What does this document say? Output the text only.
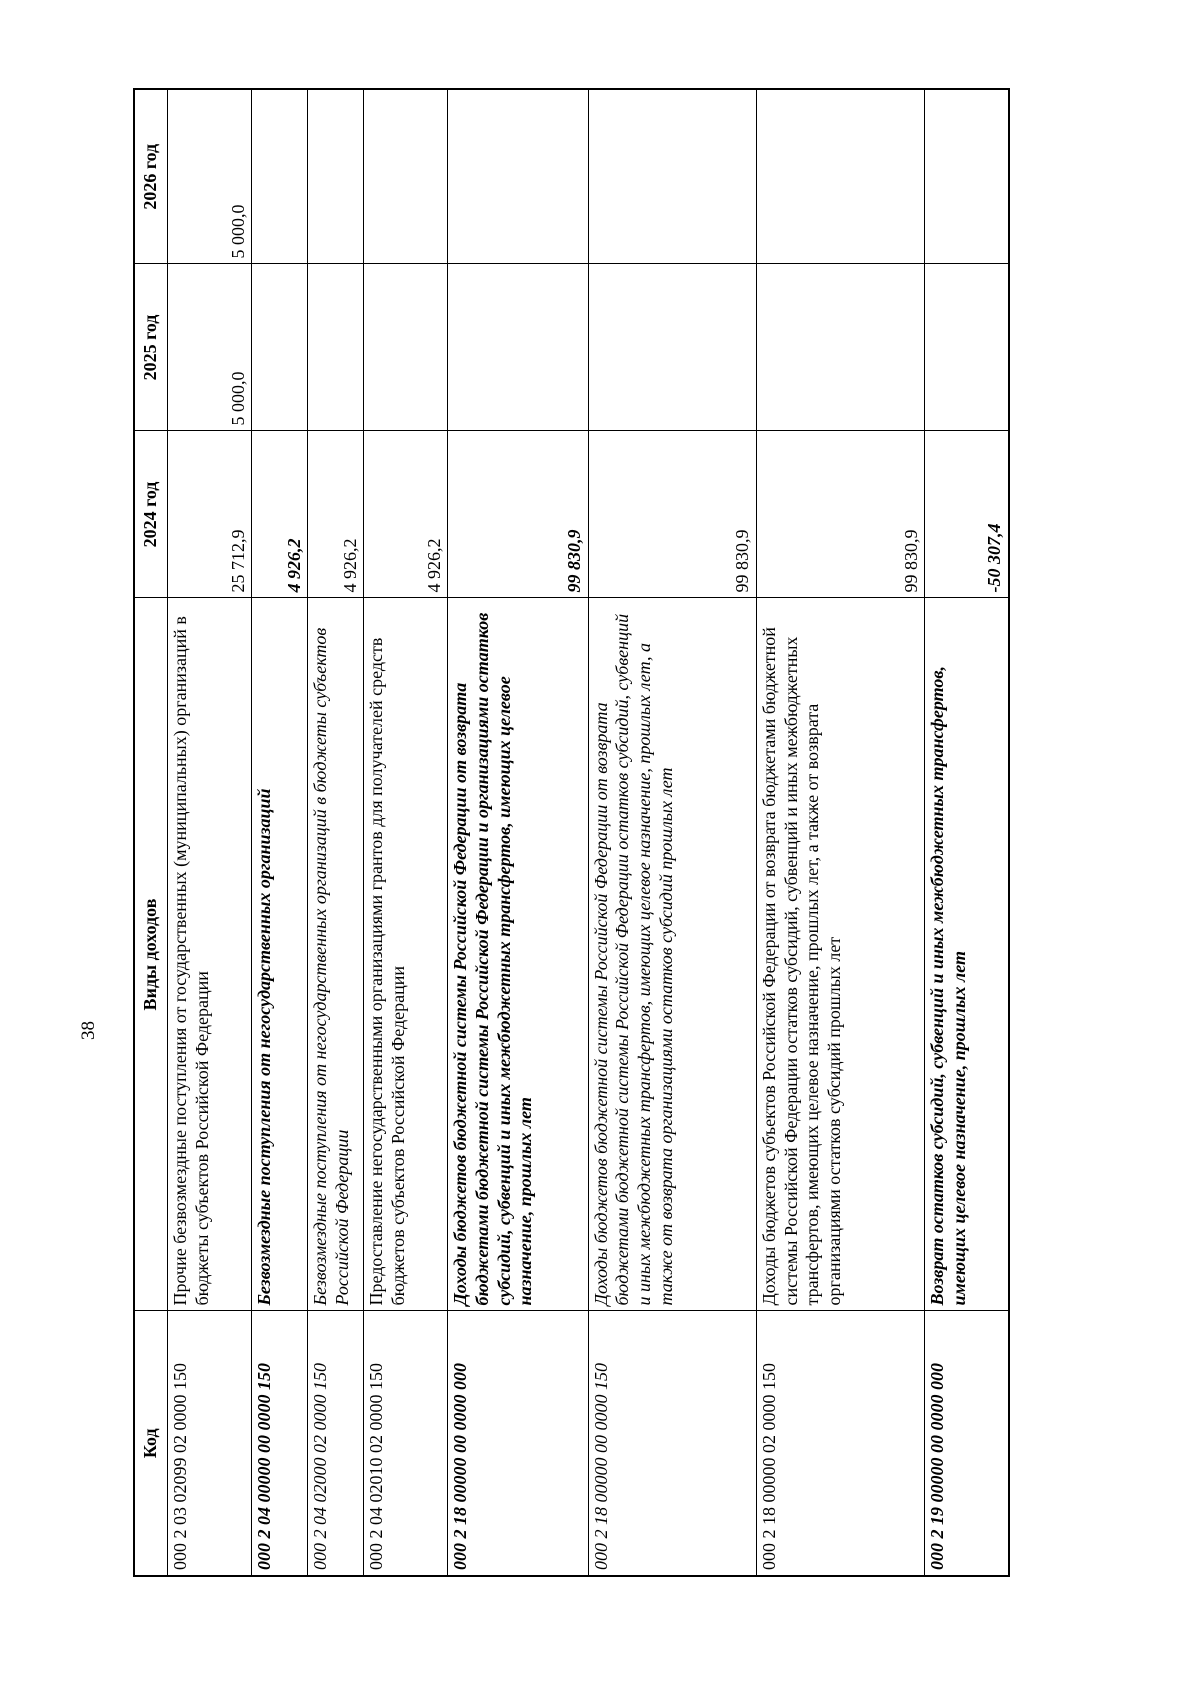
38
Код	Виды доходов	2024 год	2025 год	2026 год
000 2 03 02099 02 0000 150	Прочие безвозмездные поступления от государственных (муниципальных) организаций в бюджеты субъектов Российской Федерации	25 712,9	5 000,0	5 000,0
000 2 04 00000 00 0000 150	Безвозмездные поступления от негосударственных организаций	4 926,2		
000 2 04 02000 02 0000 150	Безвозмездные поступления от негосударственных организаций в бюджеты субъектов Российской Федерации	4 926,2		
000 2 04 02010 02 0000 150	Предоставление негосударственными организациями грантов для получателей средств бюджетов субъектов Российской Федерации	4 926,2		
000 2 18 00000 00 0000 000	Доходы бюджетов бюджетной системы Российской Федерации от возврата бюджетами бюджетной системы Российской Федерации и организациями остатков субсидий, субвенций и иных межбюджетных трансфертов, имеющих целевое назначение, прошлых лет	99 830,9		
000 2 18 00000 00 0000 150	Доходы бюджетов бюджетной системы Российской Федерации от возврата бюджетами бюджетной системы Российской Федерации остатков субсидий, субвенций и иных межбюджетных трансфертов, имеющих целевое назначение, прошлых лет, а также от возврата организациями остатков субсидий прошлых лет	99 830,9		
000 2 18 00000 02 0000 150	Доходы бюджетов субъектов Российской Федерации от возврата бюджетами бюджетной системы Российской Федерации остатков субсидий, субвенций и иных межбюджетных трансфертов, имеющих целевое назначение, прошлых лет, а также от возврата организациями остатков субсидий прошлых лет	99 830,9		
000 2 19 00000 00 0000 000	Возврат остатков субсидий, субвенций и иных межбюджетных трансфертов, имеющих целевое назначение, прошлых лет	-50 307,4		
